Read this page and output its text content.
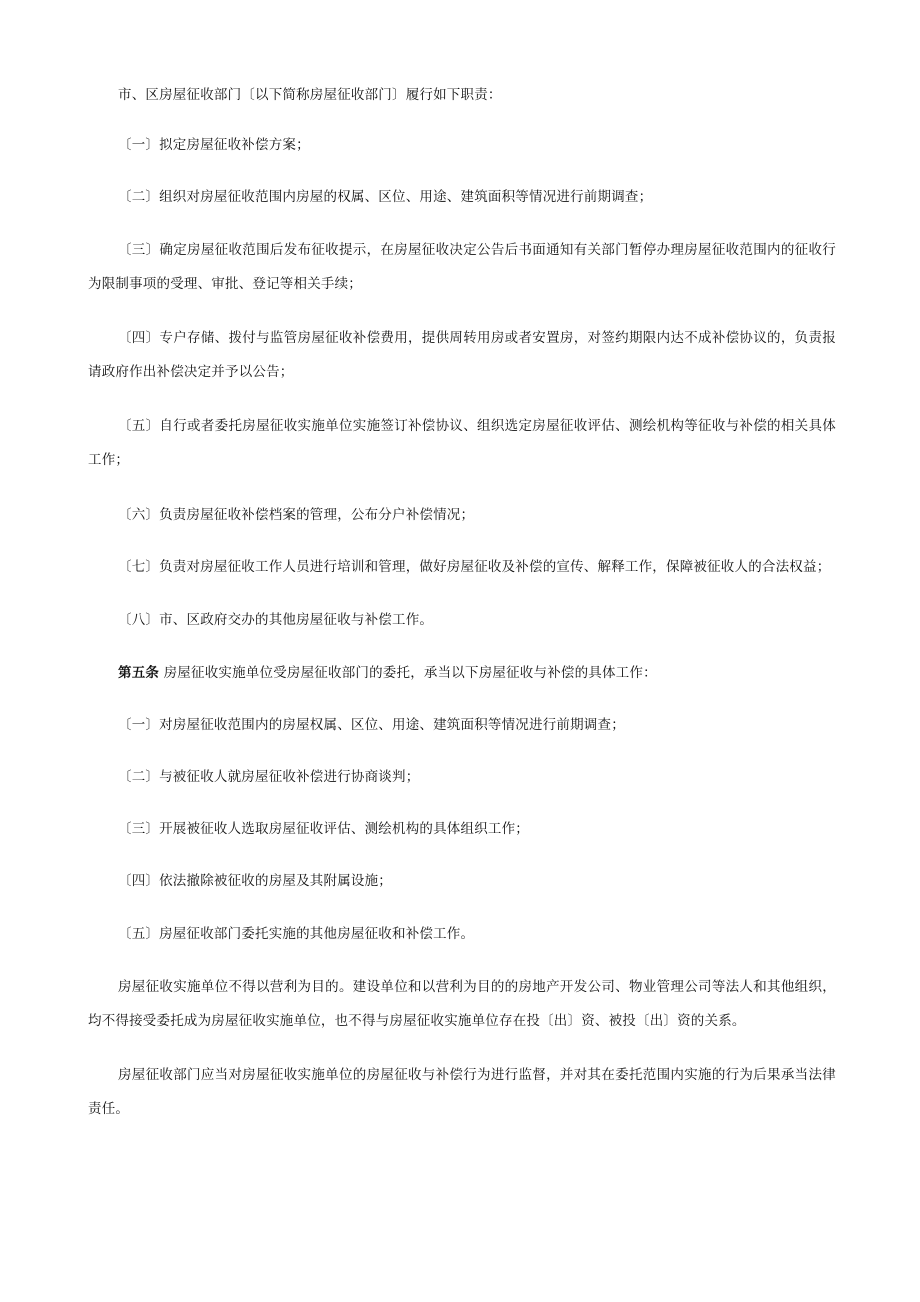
市、区房屋征收部门〔以下简称房屋征收部门〕履行如下职责：

〔一〕拟定房屋征收补偿方案；

〔二〕组织对房屋征收范围内房屋的权属、区位、用途、建筑面积等情况进行前期调查；

〔三〕确定房屋征收范围后发布征收提示，在房屋征收决定公告后书面通知有关部门暂停办理房屋征收范围内的征收行为限制事项的受理、审批、登记等相关手续；

〔四〕专户存储、拨付与监管房屋征收补偿费用，提供周转用房或者安置房，对签约期限内达不成补偿协议的，负责报请政府作出补偿决定并予以公告；

〔五〕自行或者委托房屋征收实施单位实施签订补偿协议、组织选定房屋征收评估、测绘机构等征收与补偿的相关具体工作；

〔六〕负责房屋征收补偿档案的管理，公布分户补偿情况；

〔七〕负责对房屋征收工作人员进行培训和管理，做好房屋征收及补偿的宣传、解释工作，保障被征收人的合法权益；

〔八〕市、区政府交办的其他房屋征收与补偿工作。

第五条 房屋征收实施单位受房屋征收部门的委托，承当以下房屋征收与补偿的具体工作：

〔一〕对房屋征收范围内的房屋权属、区位、用途、建筑面积等情况进行前期调查；

〔二〕与被征收人就房屋征收补偿进行协商谈判；

〔三〕开展被征收人选取房屋征收评估、测绘机构的具体组织工作；

〔四〕依法撤除被征收的房屋及其附属设施；

〔五〕房屋征收部门委托实施的其他房屋征收和补偿工作。

房屋征收实施单位不得以营利为目的。建设单位和以营利为目的的房地产开发公司、物业管理公司等法人和其他组织，均不得接受委托成为房屋征收实施单位，也不得与房屋征收实施单位存在投〔出〕资、被投〔出〕资的关系。

房屋征收部门应当对房屋征收实施单位的房屋征收与补偿行为进行监督，并对其在委托范围内实施的行为后果承当法律责任。
